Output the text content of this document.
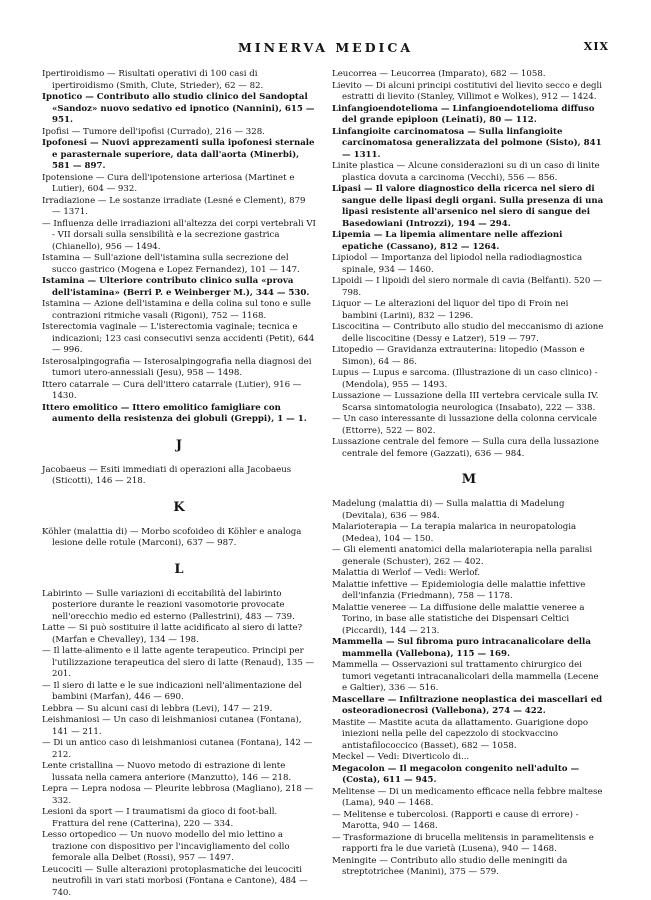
MINERVA MEDICA	XIX
Ipertiroidismo — Risultati operativi di 100 casi di ipertiroidismo (Smith, Clute, Strieder), 62 — 82.
Ipnotico — Contributo allo studio clinico del Sandoptal «Sandoz» nuovo sedativo ed ipnotico (Nannini), 615 — 951.
Ipofisi — Tumore dell'ipofisi (Currado), 216 — 328.
Ipofonesi — Nuovi apprezamenti sulla ipofonesi sternale e parasternale superiore, data dall'aorta (Minerbi), 581 — 897.
Ipotensione — Cura dell'ipotensione arteriosa (Martinet e Lutier), 604 — 932.
Irradiazione — Le sostanze irradiate (Lesné e Clement), 879 — 1371.
— Influenza delle irradiazioni all'altezza dei corpi vertebrali VI - VII dorsali sulla sensibilità e la secrezione gastrica (Chianello), 956 — 1494.
Istamina — Sull'azione dell'istamina sulla secrezione del succo gastrico (Mogena e Lopez Fernandez), 101 — 147.
Istamina — Ulteriore contributo clinico sulla «prova dell'istamina» (Berri P. e Weinberger M.), 344 — 530.
Istamina — Azione dell'istamina e della colina sul tono e sulle contrazioni ritmiche vasali (Rigoni), 752 — 1168.
Isterectomia vaginale — L'isterectomia vaginale; tecnica e indicazioni; 123 casi consecutivi senza accidenti (Petit), 644 — 996.
Isterosalpingografia — Isterosalpingografia nella diagnosi dei tumori utero-annessiali (Jesu), 958 — 1498.
Ittero catarrale — Cura dell'ittero catarrale (Lutier), 916 — 1430.
Ittero emolitico — Ittero emolitico famigliare con aumento della resistenza dei globuli (Greppi), 1 — 1.
J
Jacobaeus — Esiti immediati di operazioni alla Jacobaeus (Sticotti), 146 — 218.
K
Köhler (malattia di) — Morbo scofoideo di Köhler e analoga lesione delle rotule (Marconi), 637 — 987.
L
Labirinto — Sulle variazioni di eccitabilità del labirinto posteriore durante le reazioni vasomotorie provocate nell'orecchio medio ed esterno (Pallestrini), 483 — 739.
Latte — Si può sostituire il latte acidificato al siero di latte? (Marfan e Chevalley), 134 — 198.
— Il latte-alimento e il latte agente terapeutico. Principi per l'utilizzazione terapeutica del siero di latte (Renaud), 135 — 201.
— Il siero di latte e le sue indicazioni nell'alimentazione del bambini (Marfan), 446 — 690.
Lebbra — Su alcuni casi di lebbra (Levi), 147 — 219.
Leishmaniosi — Un caso di leishmaniosi cutanea (Fontana), 141 — 211.
— Di un antico caso di leishmaniosi cutanea (Fontana), 142 — 212.
Lente cristallina — Nuovo metodo di estrazione di lente lussata nella camera anteriore (Manzutto), 146 — 218.
Lepra — Lepra nodosa — Pleurite lebbrosa (Magliano), 218 — 332.
Lesioni da sport — I traumatismi da gioco di foot-ball. Frattura del rene (Catterina), 220 — 334.
Lesso ortopedico — Un nuovo modello del mio lettino a trazione con dispositivo per l'incavigliamento del collo femorale alla Delbet (Rossi), 957 — 1497.
Leucociti — Sulle alterazioni protoplasmatiche dei leucociti neutrofili in vari stati morbosi (Fontana e Cantone), 484 — 740.
Leucorrea — Leucorrea (Imparato), 682 — 1058.
Lievito — Di alcuni principi costitutivi del lievito secco e degli estratti di lievito (Stanley, Villimot e Wolkes), 912 — 1424.
Linfangioendotelioma — Linfangioendotelioma diffuso del grande epiploon (Leinati), 80 — 112.
Linfangioite carcinomatosa — Sulla linfangioite carcinomatosa generalizzata del polmone (Sisto), 841 — 1311.
Linite plastica — Alcune considerazioni su di un caso di linite plastica dovuta a carcinoma (Vecchi), 556 — 856.
Lipasi — Il valore diagnostico della ricerca nel siero di sangue delle lipasi degli organi. Sulla presenza di una lipasi resistente all'arsenico nel siero di sangue dei Basedowiani (Introzzi), 194 — 294.
Lipemia — La lipemia alimentare nelle affezioni epatiche (Cassano), 812 — 1264.
Lipiodol — Importanza del lipiodol nella radiodiagnostica spinale, 934 — 1460.
Lipoidi — I lipoidi del siero normale di cavia (Belfanti). 520 — 798.
Liquor — Le alterazioni del liquor del tipo di Froin nei bambini (Larini), 832 — 1296.
Liscocitina — Contributo allo studio del meccanismo di azione delle liscocitine (Dessy e Latzer), 519 — 797.
Litopedio — Gravidanza extrauterina: litopedio (Masson e Simon), 64 — 86.
Lupus — Lupus e sarcoma. (Illustrazione di un caso clinico) - (Mendola), 955 — 1493.
Lussazione — Lussazione della III vertebra cervicale sulla IV. Scarsa sintomatologia neurologica (Insabato), 222 — 338.
— Un caso interessante di lussazione della colonna cervicale (Ettorre), 522 — 802.
Lussazione centrale del femore — Sulla cura della lussazione centrale del femore (Gazzati), 636 — 984.
M
Madelung (malattia di) — Sulla malattia di Madelung (Devitala), 636 — 984.
Malarioterapia — La terapia malarica in neuropatologia (Medea), 104 — 150.
— Gli elementi anatomici della malarioterapia nella paralisi generale (Schuster), 262 — 402.
Malattia di Werlof — Vedi: Werlof.
Malattie infettive — Epidemiologia delle malattie infettive dell'infanzia (Friedmann), 758 — 1178.
Malattie veneree — La diffusione delle malattie veneree a Torino, in base alle statistiche dei Dispensari Celtici (Piccardi), 144 — 213.
Mammella — Sul fibroma puro intracanalicolare della mammella (Vallebona), 115 — 169.
Mammella — Osservazioni sul trattamento chirurgico dei tumori vegetanti intracanalicolari della mammella (Lecene e Galtier), 336 — 516.
Mascellare — Infiltrazione neoplastica dei mascellari ed osteoradionecrosi (Vallebona), 274 — 422.
Mastite — Mastite acuta da allattamento. Guarigione dopo iniezioni nella pelle del capezzolo di stockvaccino antistafilococcico (Basset), 682 — 1058.
Meckel — Vedi: Diverticolo di...
Megacolon — Il megacolon congenito nell'adulto — (Costa), 611 — 945.
Melitense — Di un medicamento efficace nella febbre maltese (Lama), 940 — 1468.
— Melitense e tubercolosi. (Rapporti e cause di errore) - Marotta, 940 — 1468.
— Trasformazione di brucella melitensis in paramelitensis e rapporti fra le due varietà (Lusena), 940 — 1468.
Meningite — Contributo allo studio delle meningiti da streptotrichee (Manini), 375 — 579.
